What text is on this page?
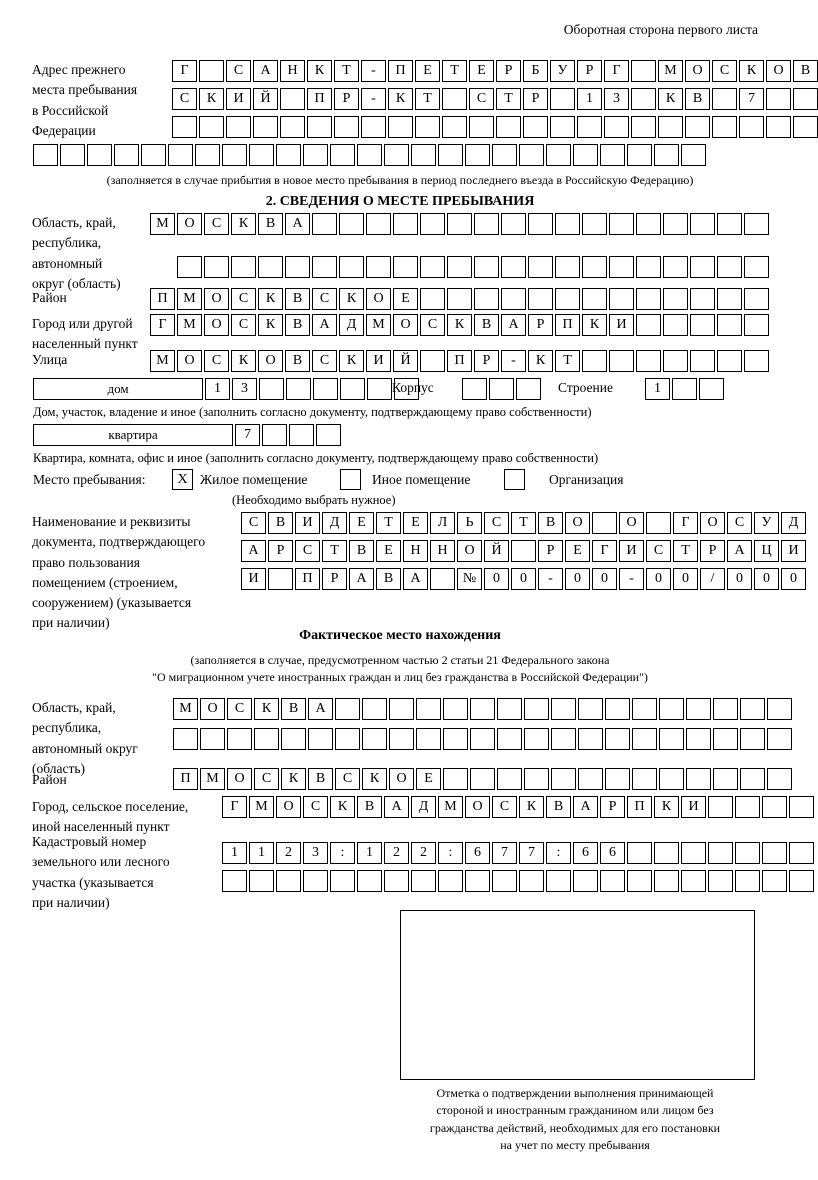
Оборотная сторона первого листа
Адрес прежнего
места пребывания
в Российской
Федерации
Г	С	А	Н	К	Т	-	П	Е	Т	Е	Р	Б	У	Р	Г	М	О	С	К	О	В
С	К	И	Й	П	Р	-	К	Т	С	Т	Р	1	3	К	В	7
(заполняется в случае прибытия в новое место пребывания в период последнего въезда в Российскую Федерацию)
2. СВЕДЕНИЯ О МЕСТЕ ПРЕБЫВАНИЯ
Область, край,
республика,
автономный
округ (область)
М	О	С	К	В	А
Район	П	М	О	С	К	В	С	К	О	Е
Город или другой
населенный пункт
Г	М	О	С	К	В	А	Д	М	О	С	К	В	А	Р	П	К	И
Улица	М	О	С	К	О	В	С	К	И	Й	П	Р	-	К	Т
дом	1	3	Корпус	Строение	1
Дом, участок, владение и иное (заполнить согласно документу, подтверждающему право собственности)
квартира	7
Квартира, комната, офис и иное (заполнить согласно документу, подтверждающему право собственности)
Место пребывания:	Х Жилое помещение	Иное помещение	Организация
(Необходимо выбрать нужное)
Наименование и реквизиты
документа, подтверждающего
право пользования
помещением (строением,
сооружением) (указывается
при наличии)
С	В	И	Д	Е	Т	Е	Л	Ь	С	Т	В	О	О	Г	О	С	У	Д
А	Р	С	Т	В	Е	Н	Н	О	Й	Р	Е	Г	И	С	Т	Р	А	Ц	И
И	П	Р	А	В	А	№	0	0	-	0	0	-	0	0	/	0	0	0
Фактическое место нахождения
(заполняется в случае, предусмотренном частью 2 статьи 21 Федерального закона
"О миграционном учете иностранных граждан и лиц без гражданства в Российской Федерации")
Область, край,
республика,
автономный округ
(область)
М	О	С	К	В	А
Район	П	М	О	С	К	В	С	К	О	Е
Город, сельское поселение,
иной населенный пункт
Г	М	О	С	К	В	А	Д	М	О	С	К	В	А	Р	П	К	И
Кадастровый номер
земельного или лесного
участка (указывается
при наличии)
1	1	2	3	:	1	2	2	:	6	7	7	:	6	6
Отметка о подтверждении выполнения принимающей
стороной и иностранным гражданином или лицом без
гражданства действий, необходимых для его постановки
на учет по месту пребывания
